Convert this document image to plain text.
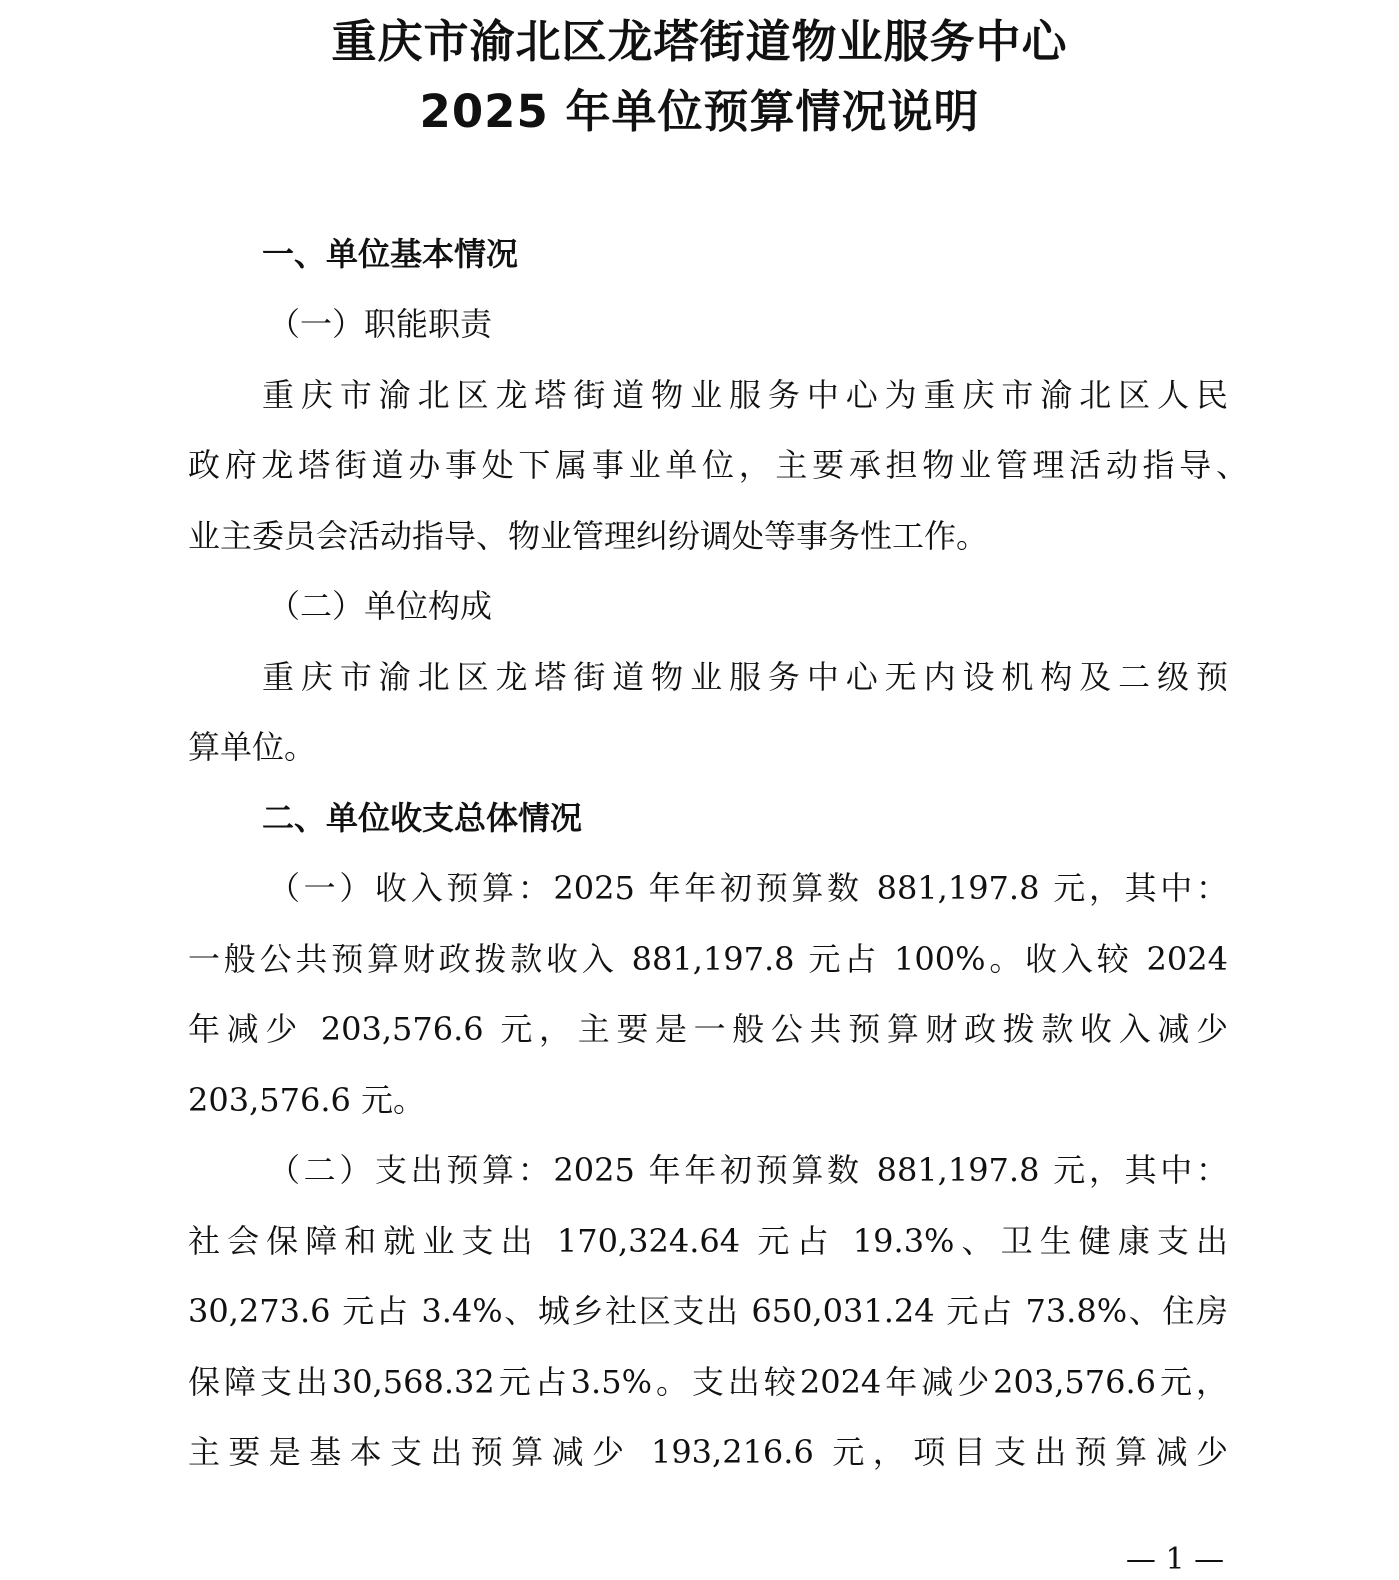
重庆市渝北区龙塔街道物业服务中心
2025 年单位预算情况说明

一、单位基本情况

（一）职能职责

重庆市渝北区龙塔街道物业服务中心为重庆市渝北区人民

政府龙塔街道办事处下属事业单位，主要承担物业管理活动指导、

业主委员会活动指导、物业管理纠纷调处等事务性工作。

（二）单位构成

重庆市渝北区龙塔街道物业服务中心无内设机构及二级预

算单位。

二、单位收支总体情况

（一）收入预算：2025 年年初预算数 881,197.8 元，其中：

一般公共预算财政拨款收入 881,197.8 元占 100%。收入较 2024

年减少 203,576.6 元，主要是一般公共预算财政拨款收入减少

203,576.6 元。

（二）支出预算：2025 年年初预算数 881,197.8 元，其中：

社会保障和就业支出 170,324.64 元占 19.3%、卫生健康支出

30,273.6 元占 3.4%、城乡社区支出 650,031.24 元占 73.8%、住房

保障支出30,568.32元占3.5%。支出较2024年减少203,576.6元，

主要是基本支出预算减少 193,216.6 元，项目支出预算减少

— 1 —
